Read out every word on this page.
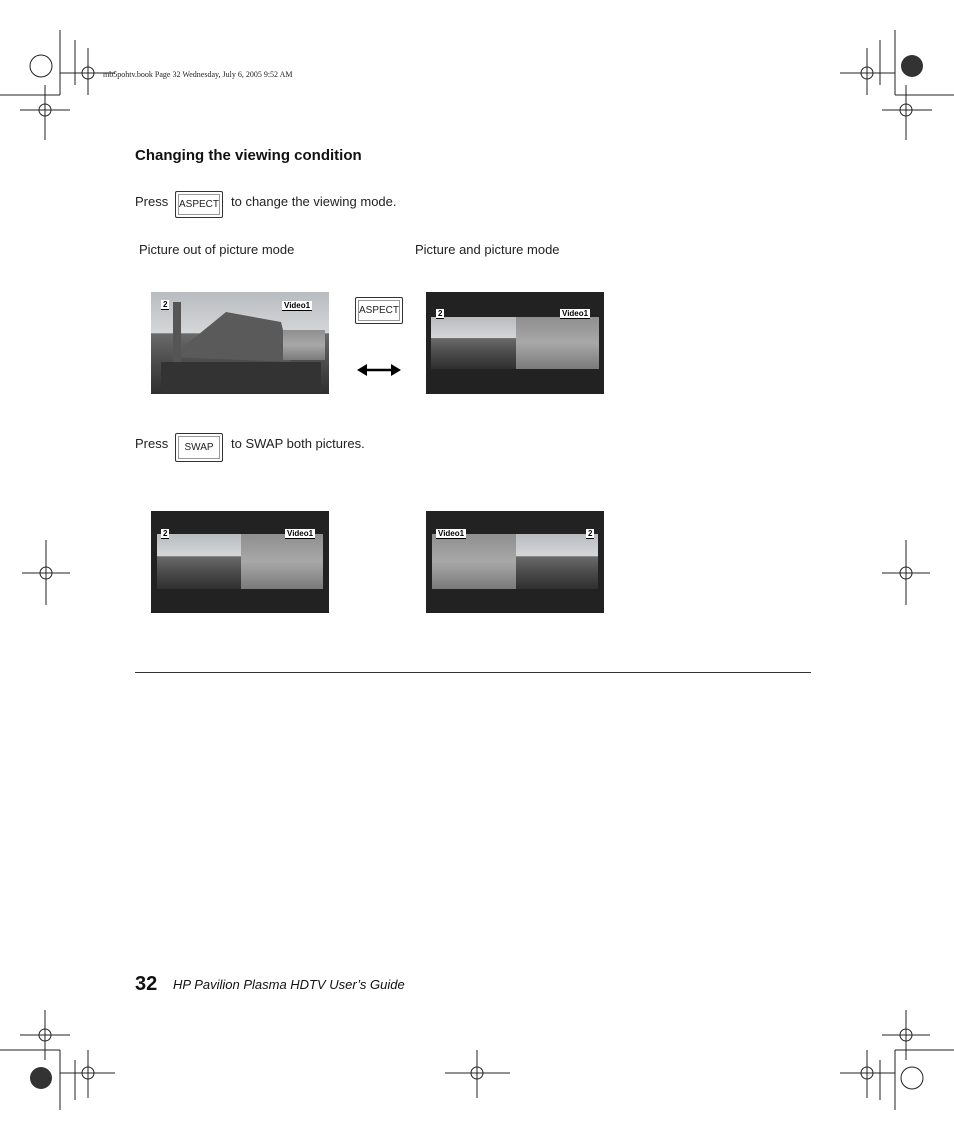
mb5pohtv.book Page 32 Wednesday, July 6, 2005 9:52 AM
Changing the viewing condition
Press	ASPECT to change the viewing mode.
Picture out of picture mode	Picture and picture mode
2	Video1	ASPECT	2	Video1
Press	SWAP	to SWAP both pictures.
2	Video1	Video1	2
32 HP Pavilion Plasma HDTV User’s Guide
